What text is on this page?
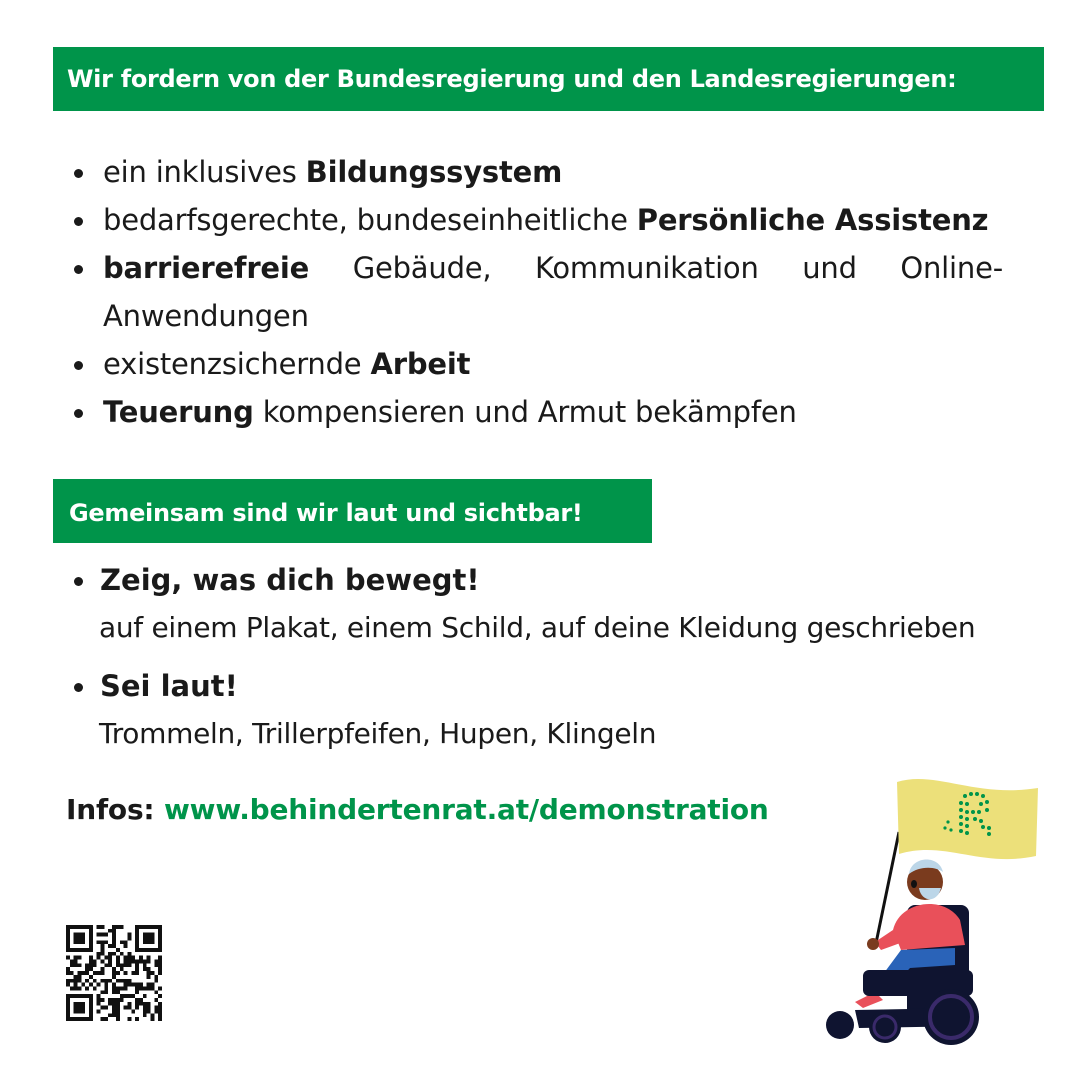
Wir fordern von der Bundesregierung und den Landesregierungen:
ein inklusives Bildungssystem
bedarfsgerechte, bundeseinheitliche Persönliche Assistenz
barrierefreie Gebäude, Kommunikation und Online-
Anwendungen
existenzsichernde Arbeit
Teuerung kompensieren und Armut bekämpfen
Gemeinsam sind wir laut und sichtbar!
Zeig, was dich bewegt!
auf einem Plakat, einem Schild, auf deine Kleidung geschrieben
Sei laut!
Trommeln, Trillerpfeifen, Hupen, Klingeln
Infos: www.behindertenrat.at/demonstration
